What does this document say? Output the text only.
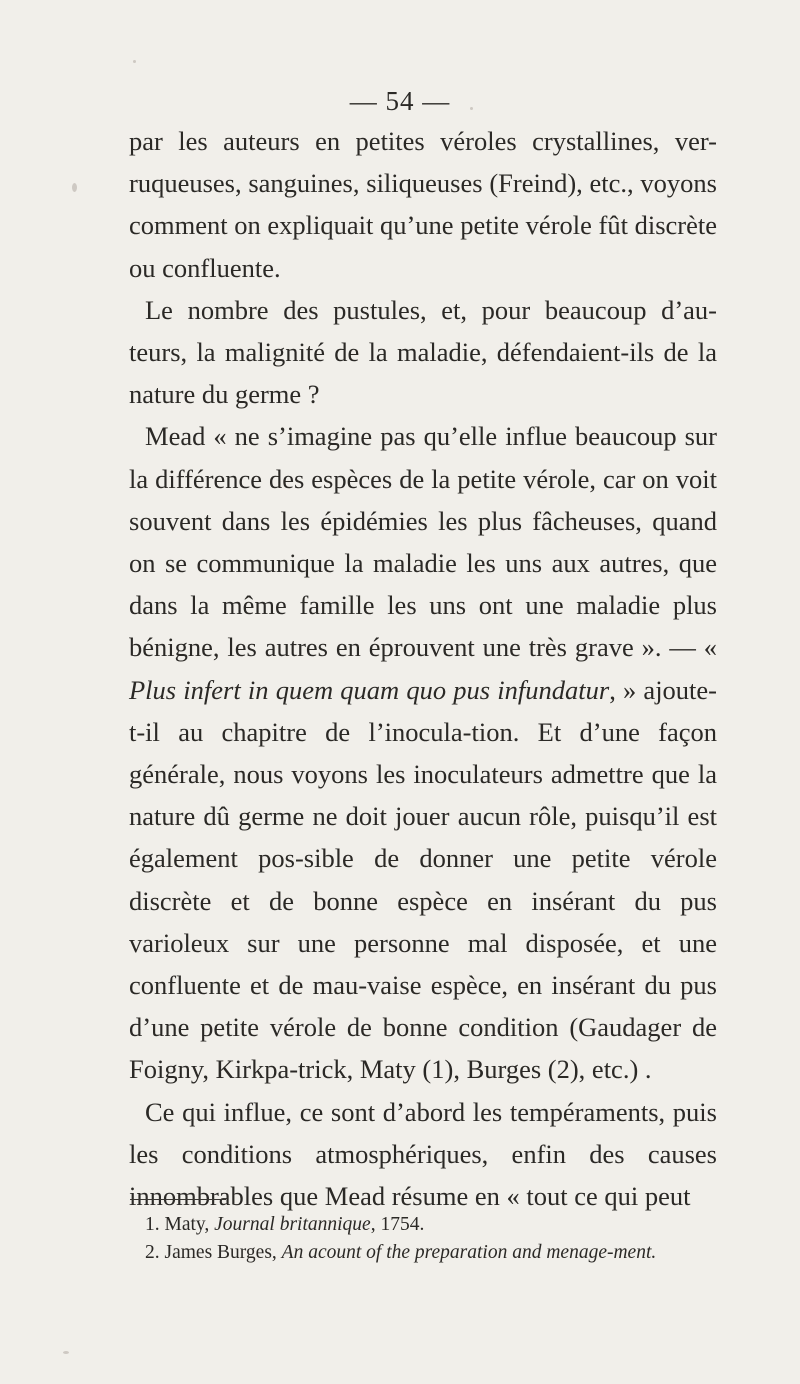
— 54 —

par les auteurs en petites véroles crystallines, ver-ruqueuses, sanguines, siliqueuses (Freind), etc., voyons comment on expliquait qu’une petite vérole fût discrète ou confluente.

Le nombre des pustules, et, pour beaucoup d’au-teurs, la malignité de la maladie, défendaient-ils de la nature du germe ?

Mead « ne s’imagine pas qu’elle influe beaucoup sur la différence des espèces de la petite vérole, car on voit souvent dans les épidémies les plus fâcheuses, quand on se communique la maladie les uns aux autres, que dans la même famille les uns ont une maladie plus bénigne, les autres en éprouvent une très grave ». — « Plus infert in quem quam quo pus infundatur, » ajoute-t-il au chapitre de l’inocula-tion. Et d’une façon générale, nous voyons les inoculateurs admettre que la nature dû germe ne doit jouer aucun rôle, puisqu’il est également pos-sible de donner une petite vérole discrète et de bonne espèce en insérant du pus varioleux sur une personne mal disposée, et une confluente et de mau-vaise espèce, en insérant du pus d’une petite vérole de bonne condition (Gaudager de Foigny, Kirkpa-trick, Maty (1), Burges (2), etc.) .

Ce qui influe, ce sont d’abord les tempéraments, puis les conditions atmosphériques, enfin des causes innombrables que Mead résume en « tout ce qui peut

1. Maty, Journal britannique, 1754.

2. James Burges, An acount of the preparation and menage-ment.
